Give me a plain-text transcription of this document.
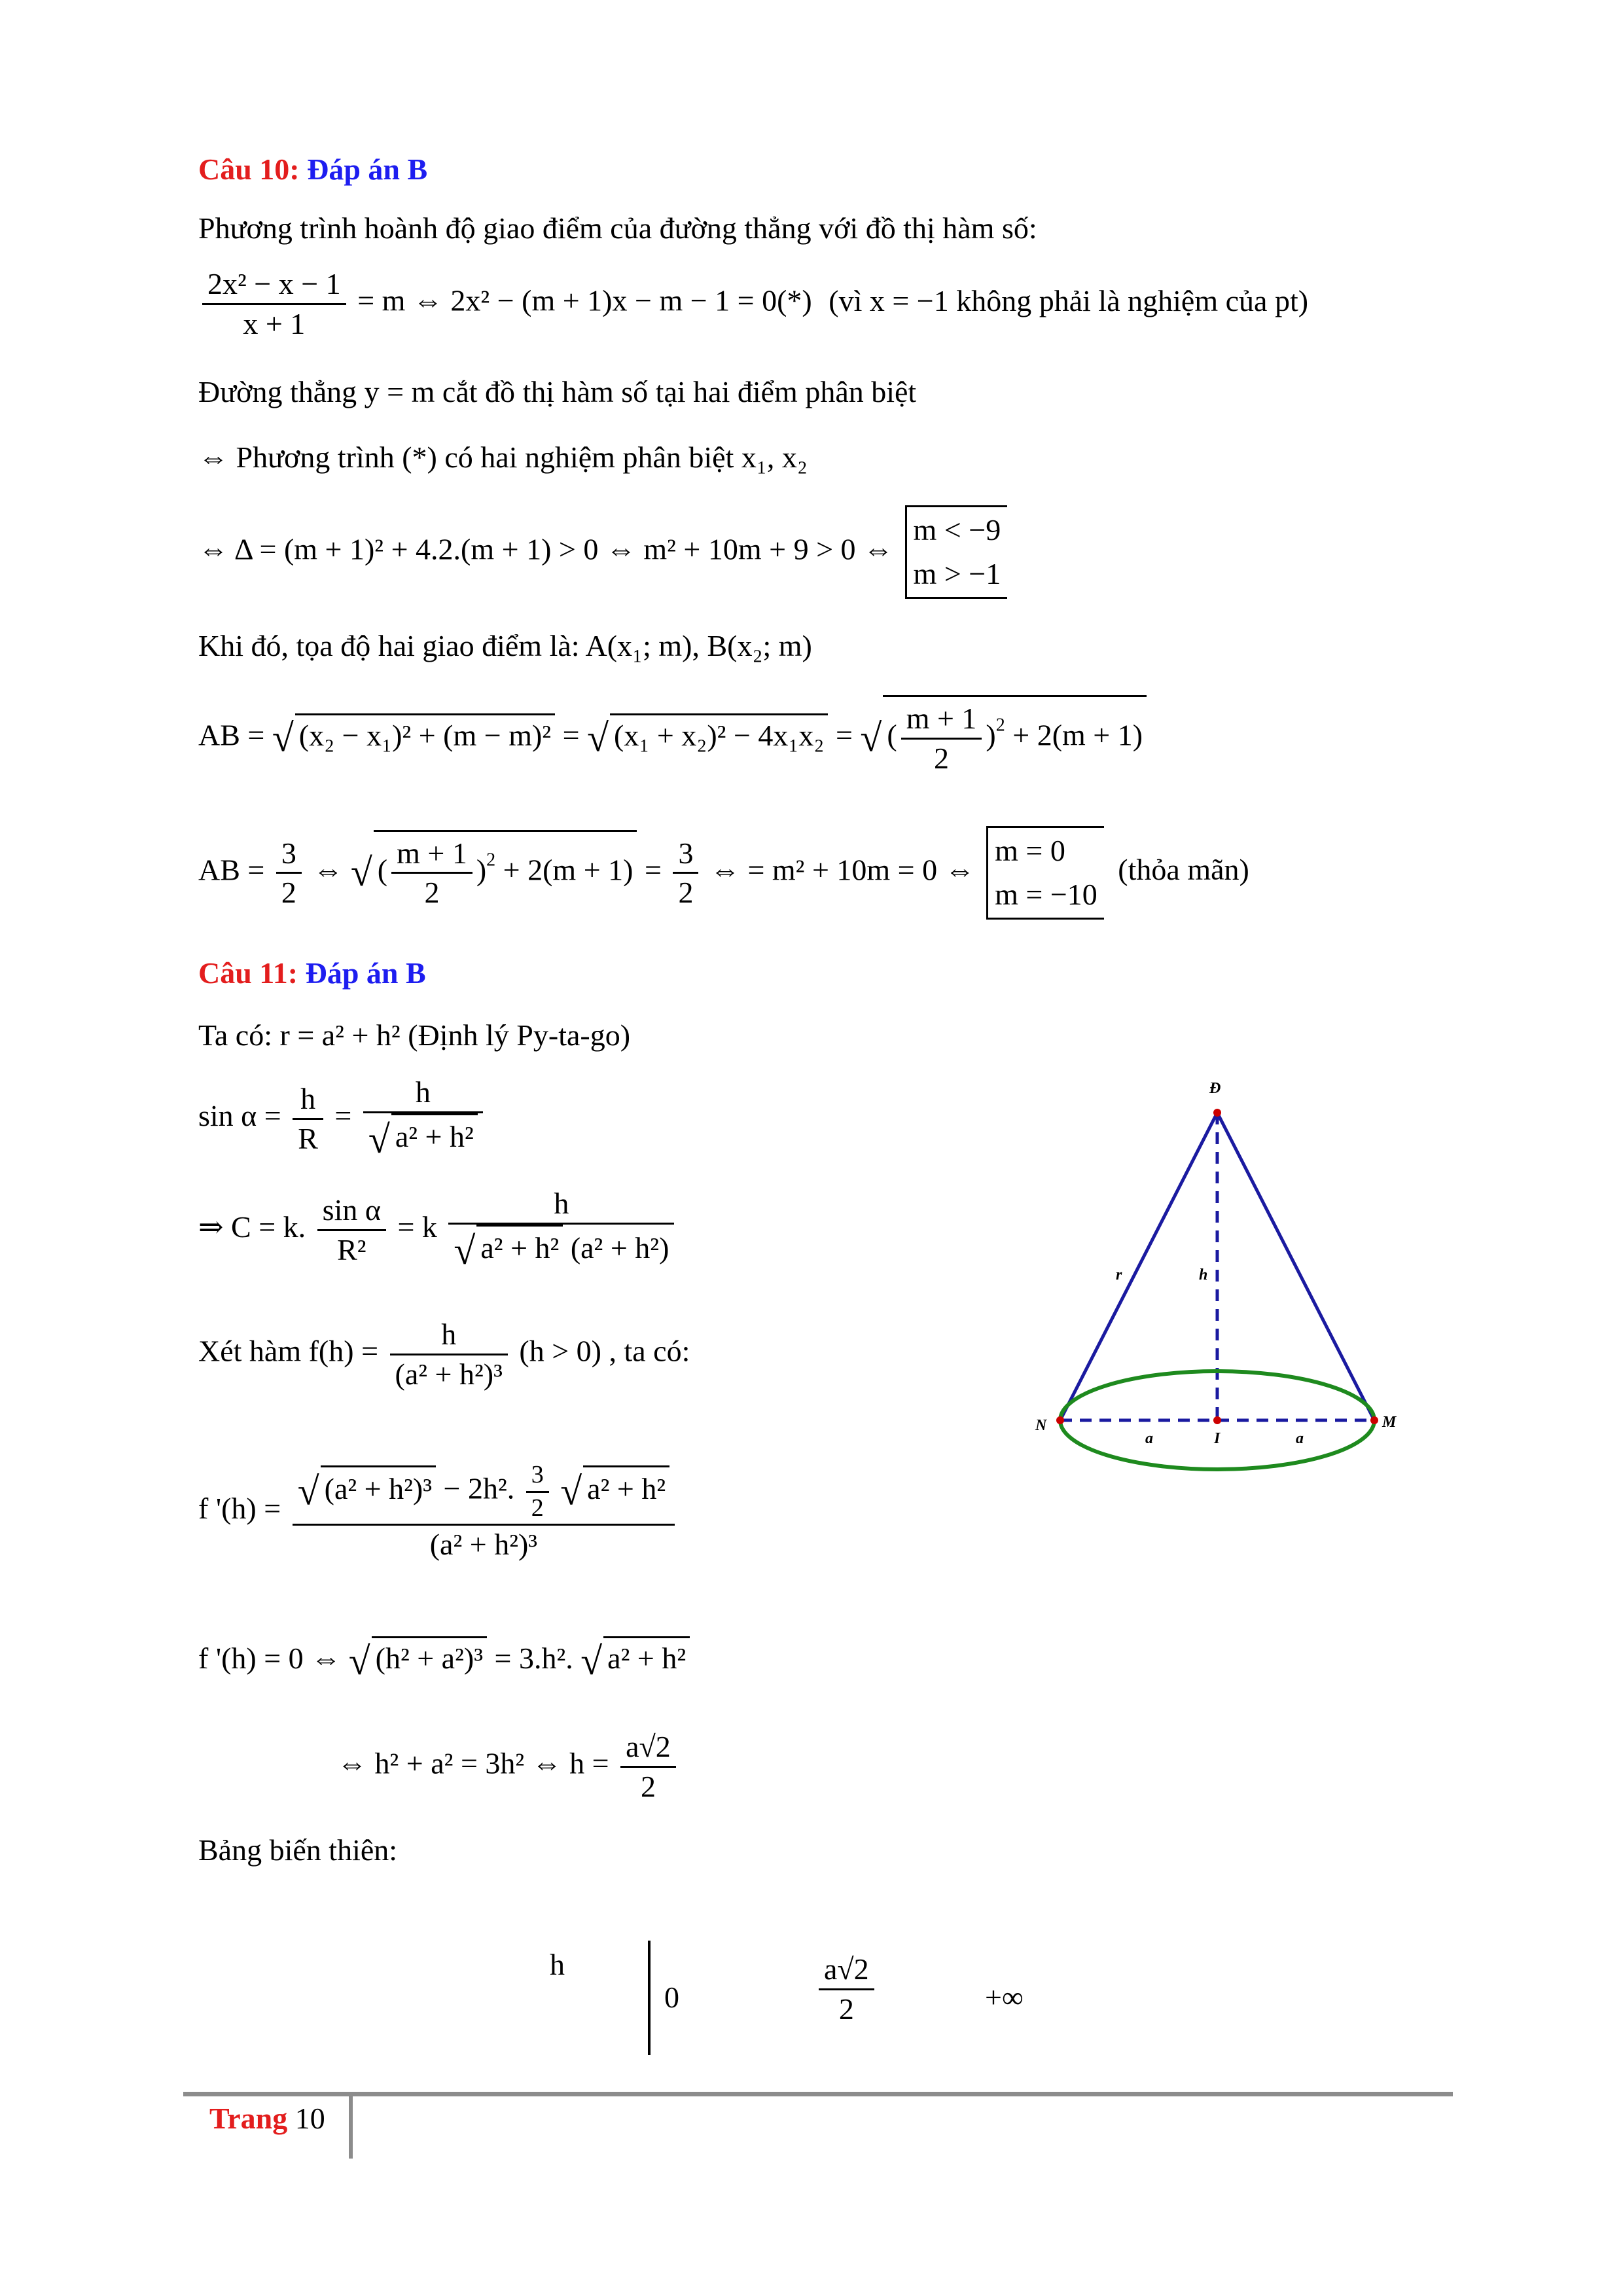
Câu 10: Đáp án B
Phương trình hoành độ giao điểm của đường thẳng với đồ thị hàm số:
$\frac{\text{2x² − x − 1}}{x + 1} = m$ ⇔ 2x² − (m + 1)x − m − 1 = 0(*) (vì x = −1 không phải là nghiệm của pt)
Đường thẳng y = m cắt đồ thị hàm số tại hai điểm phân biệt
⇔ Phương trình (*) có hai nghiệm phân biệt x₁, x₂
⇔ Δ = (m + 1)² + 4.2.(m + 1) > 0 ⇔ m² + 10m + 9 > 0 ⇔
m < −9
m > −1
Khi đó, tọa độ hai giao điểm là: A(x₁; m), B(x₂; m)
AB = √ (x₂ − x₁)² + (m − m)² = √ (x₁ + x₂)² − 4x₁x₂ = √ ( $\frac{m + 1}{2} )^2 + 2(m + 1)$
AB = $\frac{3}{2}$ ⇔ √ ( $\frac{m + 1}{2} )^2 + 2(m + 1) = \frac{3}{2}$ ⇔ = m² + 10m = 0 ⇔
m = 0
m = −10
(thỏa mãn)
Câu 11: Đáp án B
Ta có: r = a² + h² (Định lý Py-ta-go)
$\sin \alpha = \frac{h}{R} = \frac{h}{\text{√ a² + h²}}$
⇒ C = k. $\frac{\text{sin α}}{\text{R²}} = k \frac{h}{\text{√ a² + h² (a² + h²)}}$
Xét hàm $f(h) = \frac{h}{\text{(a² + h²)³}} (h > 0)$ , ta có:
f '$(h) = \frac{√ (a^2 + h^2)^3 - 2h^2. \frac{3}{2} √ a^2 + h^2}{\text{(a² + h²)³}}$
f '(h) = 0 ⇔ √ (h² + a²)³ = 3.h². √ a² + h²
⇔ h² + a² = 3h² ⇔ $h = \frac{a√2}{2}$
Bảng biến thiên:
h
0	$\frac{a√2}{2}$	+∞
Đ
N	M
I
r	h
a	a
Trang 10
